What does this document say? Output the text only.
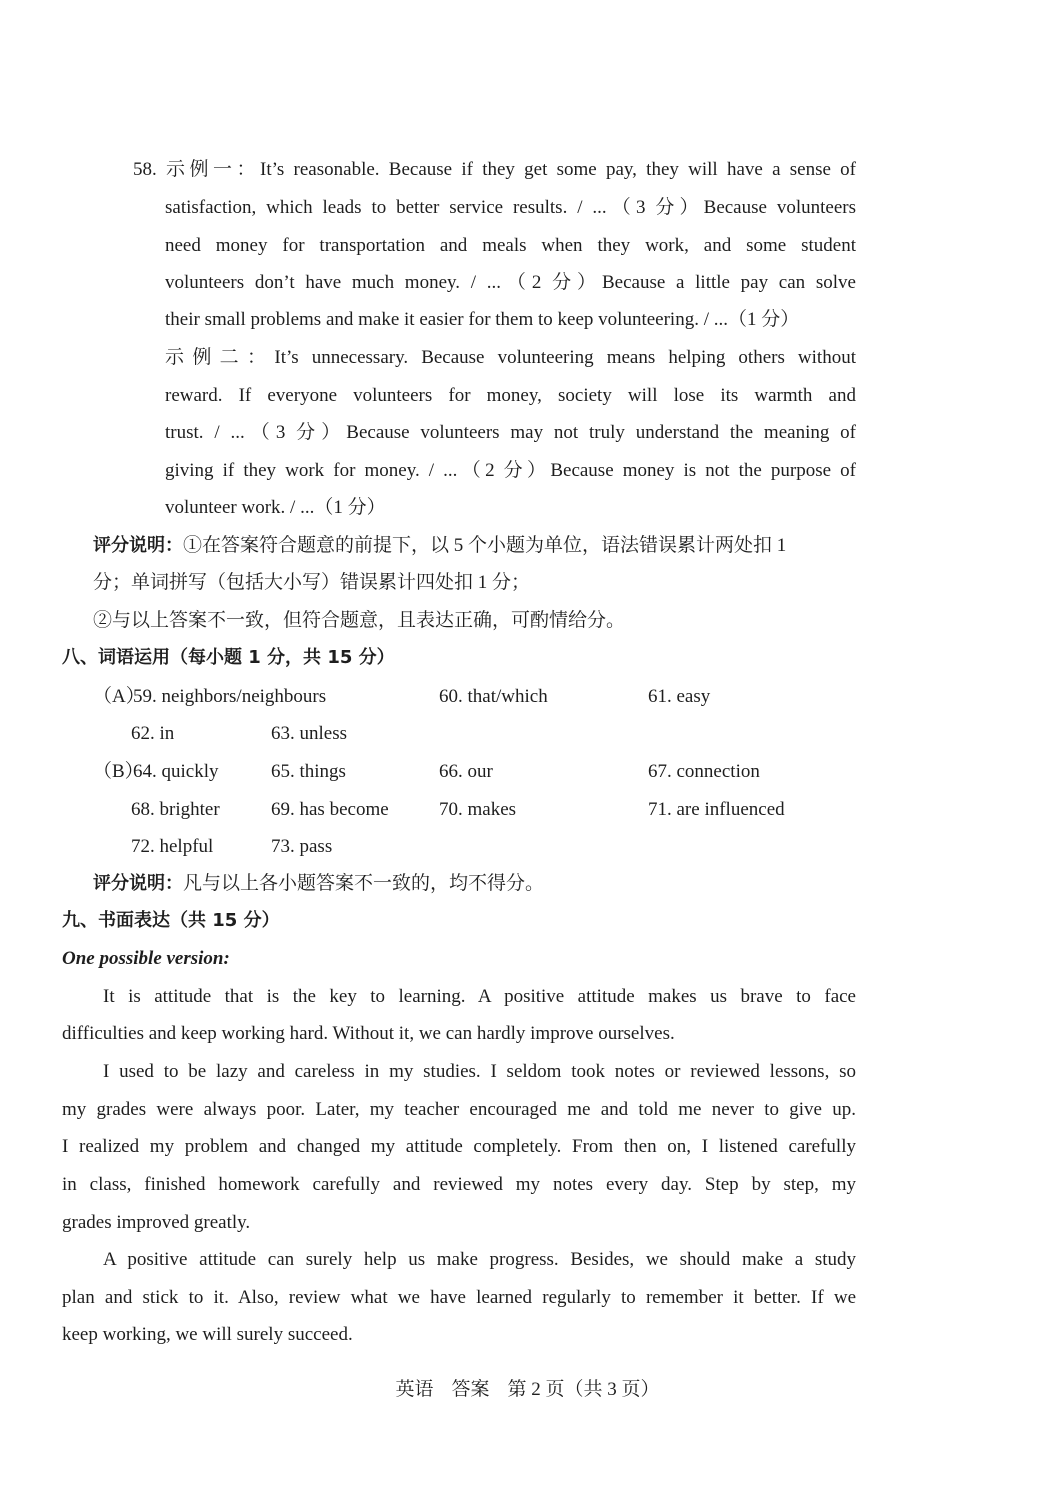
58. 示例一：It’s reasonable. Because if they get some pay, they will have a sense of
satisfaction, which leads to better service results. / ...（3 分）Because volunteers
need money for transportation and meals when they work, and some student
volunteers don’t have much money. / ...（2 分）Because a little pay can solve
their small problems and make it easier for them to keep volunteering. / ...（1 分）
示例二：It’s unnecessary. Because volunteering means helping others without
reward. If everyone volunteers for money, society will lose its warmth and
trust. / ...（3 分）Because volunteers may not truly understand the meaning of
giving if they work for money. / ...（2 分）Because money is not the purpose of
volunteer work. / ...（1 分）
评分说明：①在答案符合题意的前提下，以 5 个小题为单位，语法错误累计两处扣 1
分；单词拼写（包括大小写）错误累计四处扣 1 分；
②与以上答案不一致，但符合题意，且表达正确，可酌情给分。
八、词语运用（每小题 1 分，共 15 分）
（A）
59. neighbors/neighbours	60. that/which	61. easy
62. in	63. unless
（B）
64. quickly	65. things	66. our	67. connection
68. brighter	69. has become	70. makes	71. are influenced
72. helpful	73. pass
评分说明：凡与以上各小题答案不一致的，均不得分。
九、书面表达（共 15 分）
One possible version:
It is attitude that is the key to learning. A positive attitude makes us brave to face
difficulties and keep working hard. Without it, we can hardly improve ourselves.
I used to be lazy and careless in my studies. I seldom took notes or reviewed lessons, so
my grades were always poor. Later, my teacher encouraged me and told me never to give up.
I realized my problem and changed my attitude completely. From then on, I listened carefully
in class, finished homework carefully and reviewed my notes every day. Step by step, my
grades improved greatly.
A positive attitude can surely help us make progress. Besides, we should make a study
plan and stick to it. Also, review what we have learned regularly to remember it better. If we
keep working, we will surely succeed.
英语 答案 第 2 页（共 3 页）
